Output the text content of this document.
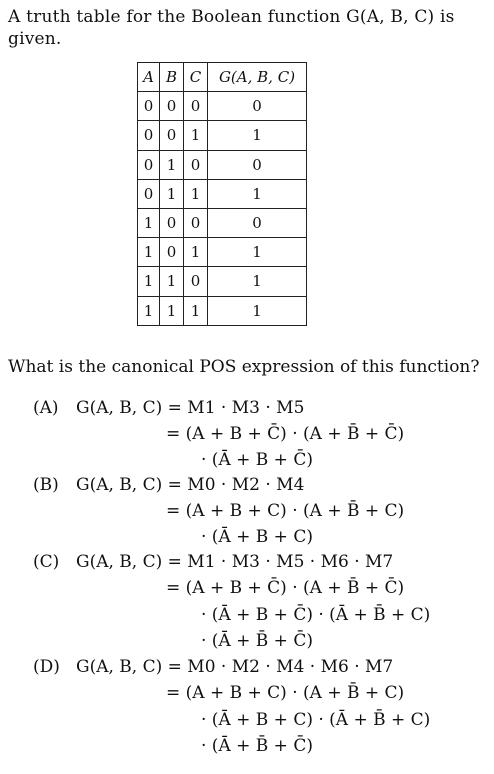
A truth table for the Boolean function G(A, B, C) is given.
A	B	C	G(A, B, C)
0	0	0	0
0	0	1	1
0	1	0	0
0	1	1	1
1	0	0	0
1	0	1	1
1	1	0	1
1	1	1	1
What is the canonical POS expression of this function?
(A) G(A, B, C) = M1 · M3 · M5
= (A + B + C̄) · (A + B̄ + C̄)
· (Ā + B + C̄)
(B) G(A, B, C) = M0 · M2 · M4
= (A + B + C) · (A + B̄ + C)
· (Ā + B + C)
(C) G(A, B, C) = M1 · M3 · M5 · M6 · M7
= (A + B + C̄) · (A + B̄ + C̄)
· (Ā + B + C̄) · (Ā + B̄ + C)
· (Ā + B̄ + C̄)
(D) G(A, B, C) = M0 · M2 · M4 · M6 · M7
= (A + B + C) · (A + B̄ + C)
· (Ā + B + C) · (Ā + B̄ + C)
· (Ā + B̄ + C̄)
